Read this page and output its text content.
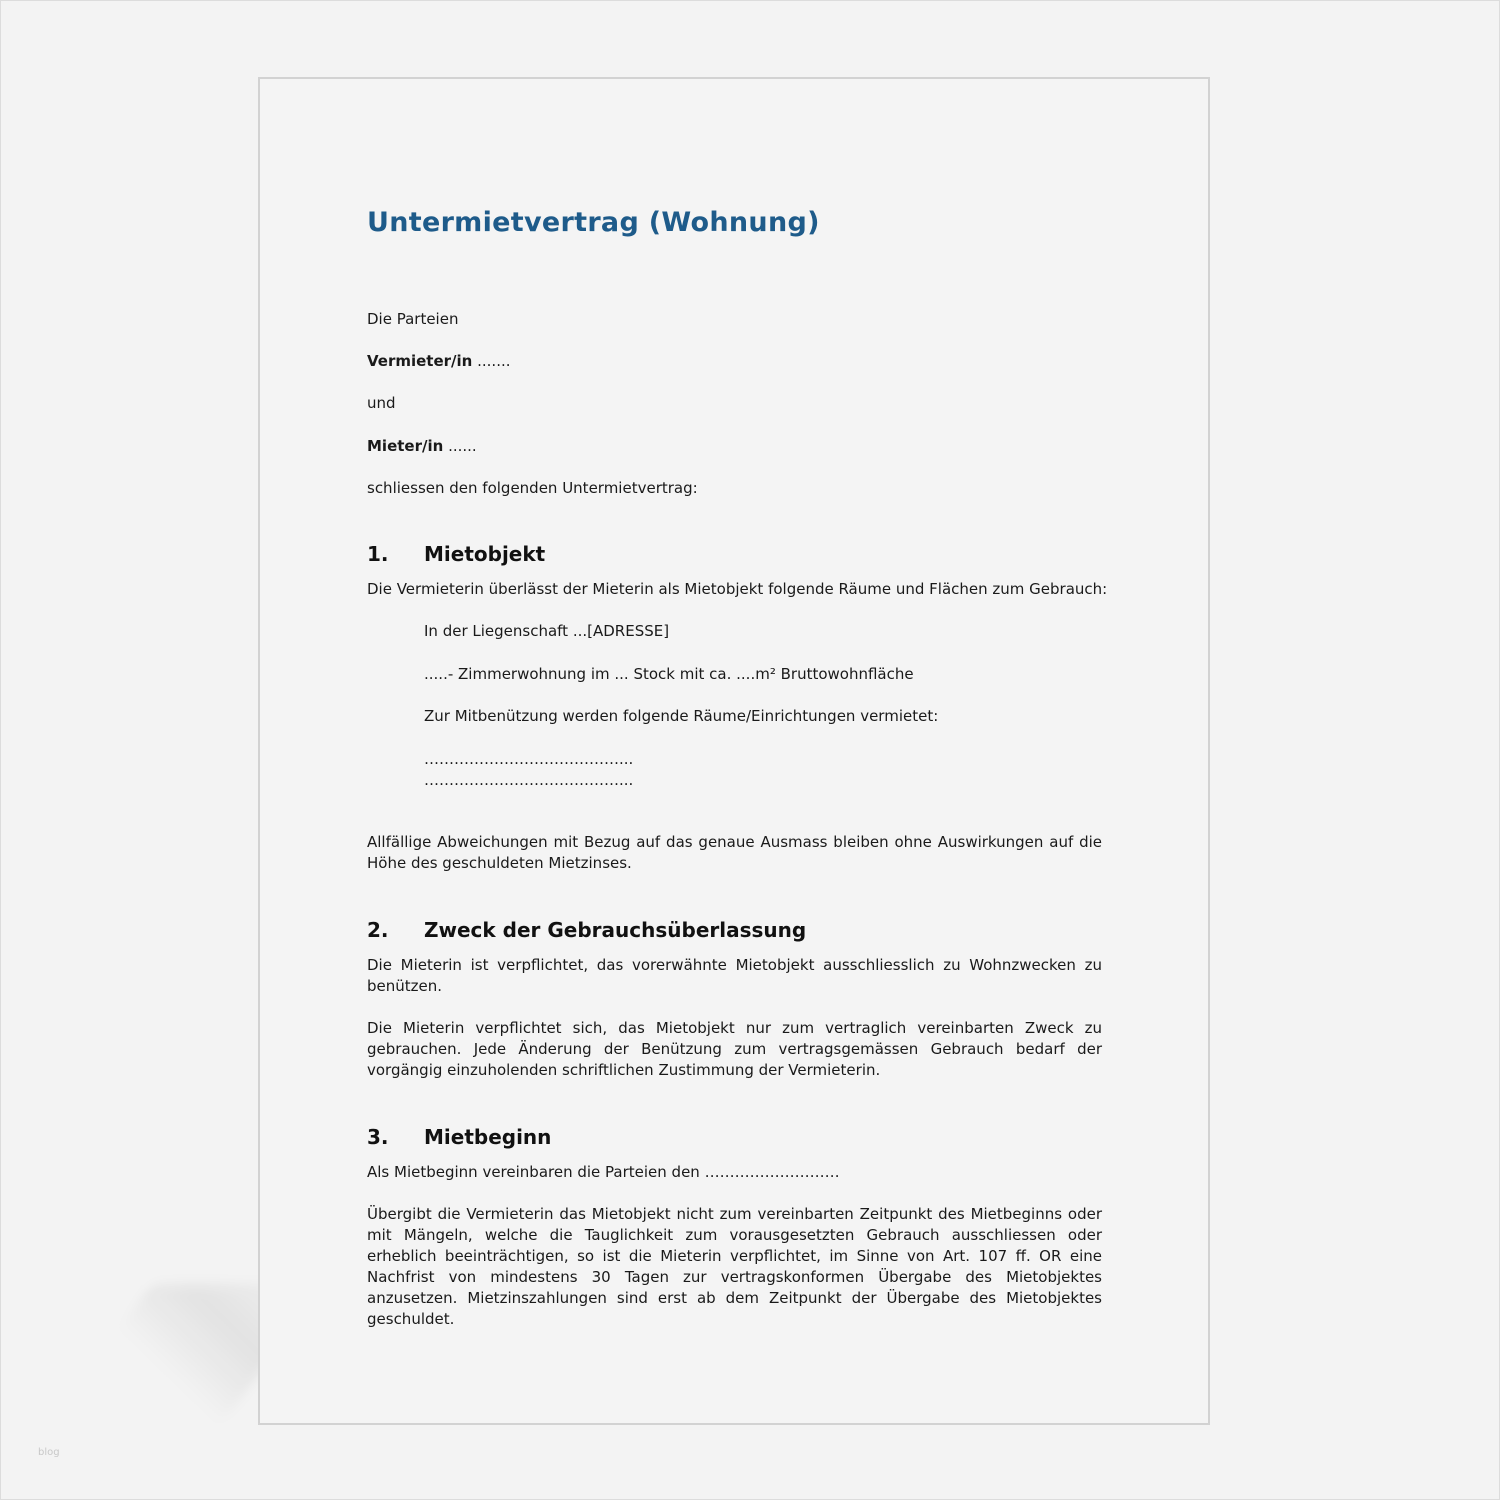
Untermietvertrag (Wohnung)
Die Parteien
Vermieter/in .......
und
Mieter/in ......
schliessen den folgenden Untermietvertrag:
1. Mietobjekt
Die Vermieterin überlässt der Mieterin als Mietobjekt folgende Räume und Flächen zum Gebrauch:
In der Liegenschaft ...[ADRESSE]
.....- Zimmerwohnung im ... Stock mit ca. ....m² Bruttowohnfläche
Zur Mitbenützung werden folgende Räume/Einrichtungen vermietet:
…………………………………...
…………………………………...
Allfällige Abweichungen mit Bezug auf das genaue Ausmass bleiben ohne Auswirkungen auf die Höhe des geschuldeten Mietzinses.
2. Zweck der Gebrauchsüberlassung
Die Mieterin ist verpflichtet, das vorerwähnte Mietobjekt ausschliesslich zu Wohnzwecken zu benützen.
Die Mieterin verpflichtet sich, das Mietobjekt nur zum vertraglich vereinbarten Zweck zu gebrauchen. Jede Änderung der Benützung zum vertragsgemässen Gebrauch bedarf der vorgängig einzuholenden schriftlichen Zustimmung der Vermieterin.
3. Mietbeginn
Als Mietbeginn vereinbaren die Parteien den ………………………
Übergibt die Vermieterin das Mietobjekt nicht zum vereinbarten Zeitpunkt des Mietbeginns oder mit Mängeln, welche die Tauglichkeit zum vorausgesetzten Gebrauch ausschliessen oder erheblich beeinträchtigen, so ist die Mieterin verpflichtet, im Sinne von Art. 107 ff. OR eine Nachfrist von mindestens 30 Tagen zur vertragskonformen Übergabe des Mietobjektes anzusetzen. Mietzinszahlungen sind erst ab dem Zeitpunkt der Übergabe des Mietobjektes geschuldet.
blog
